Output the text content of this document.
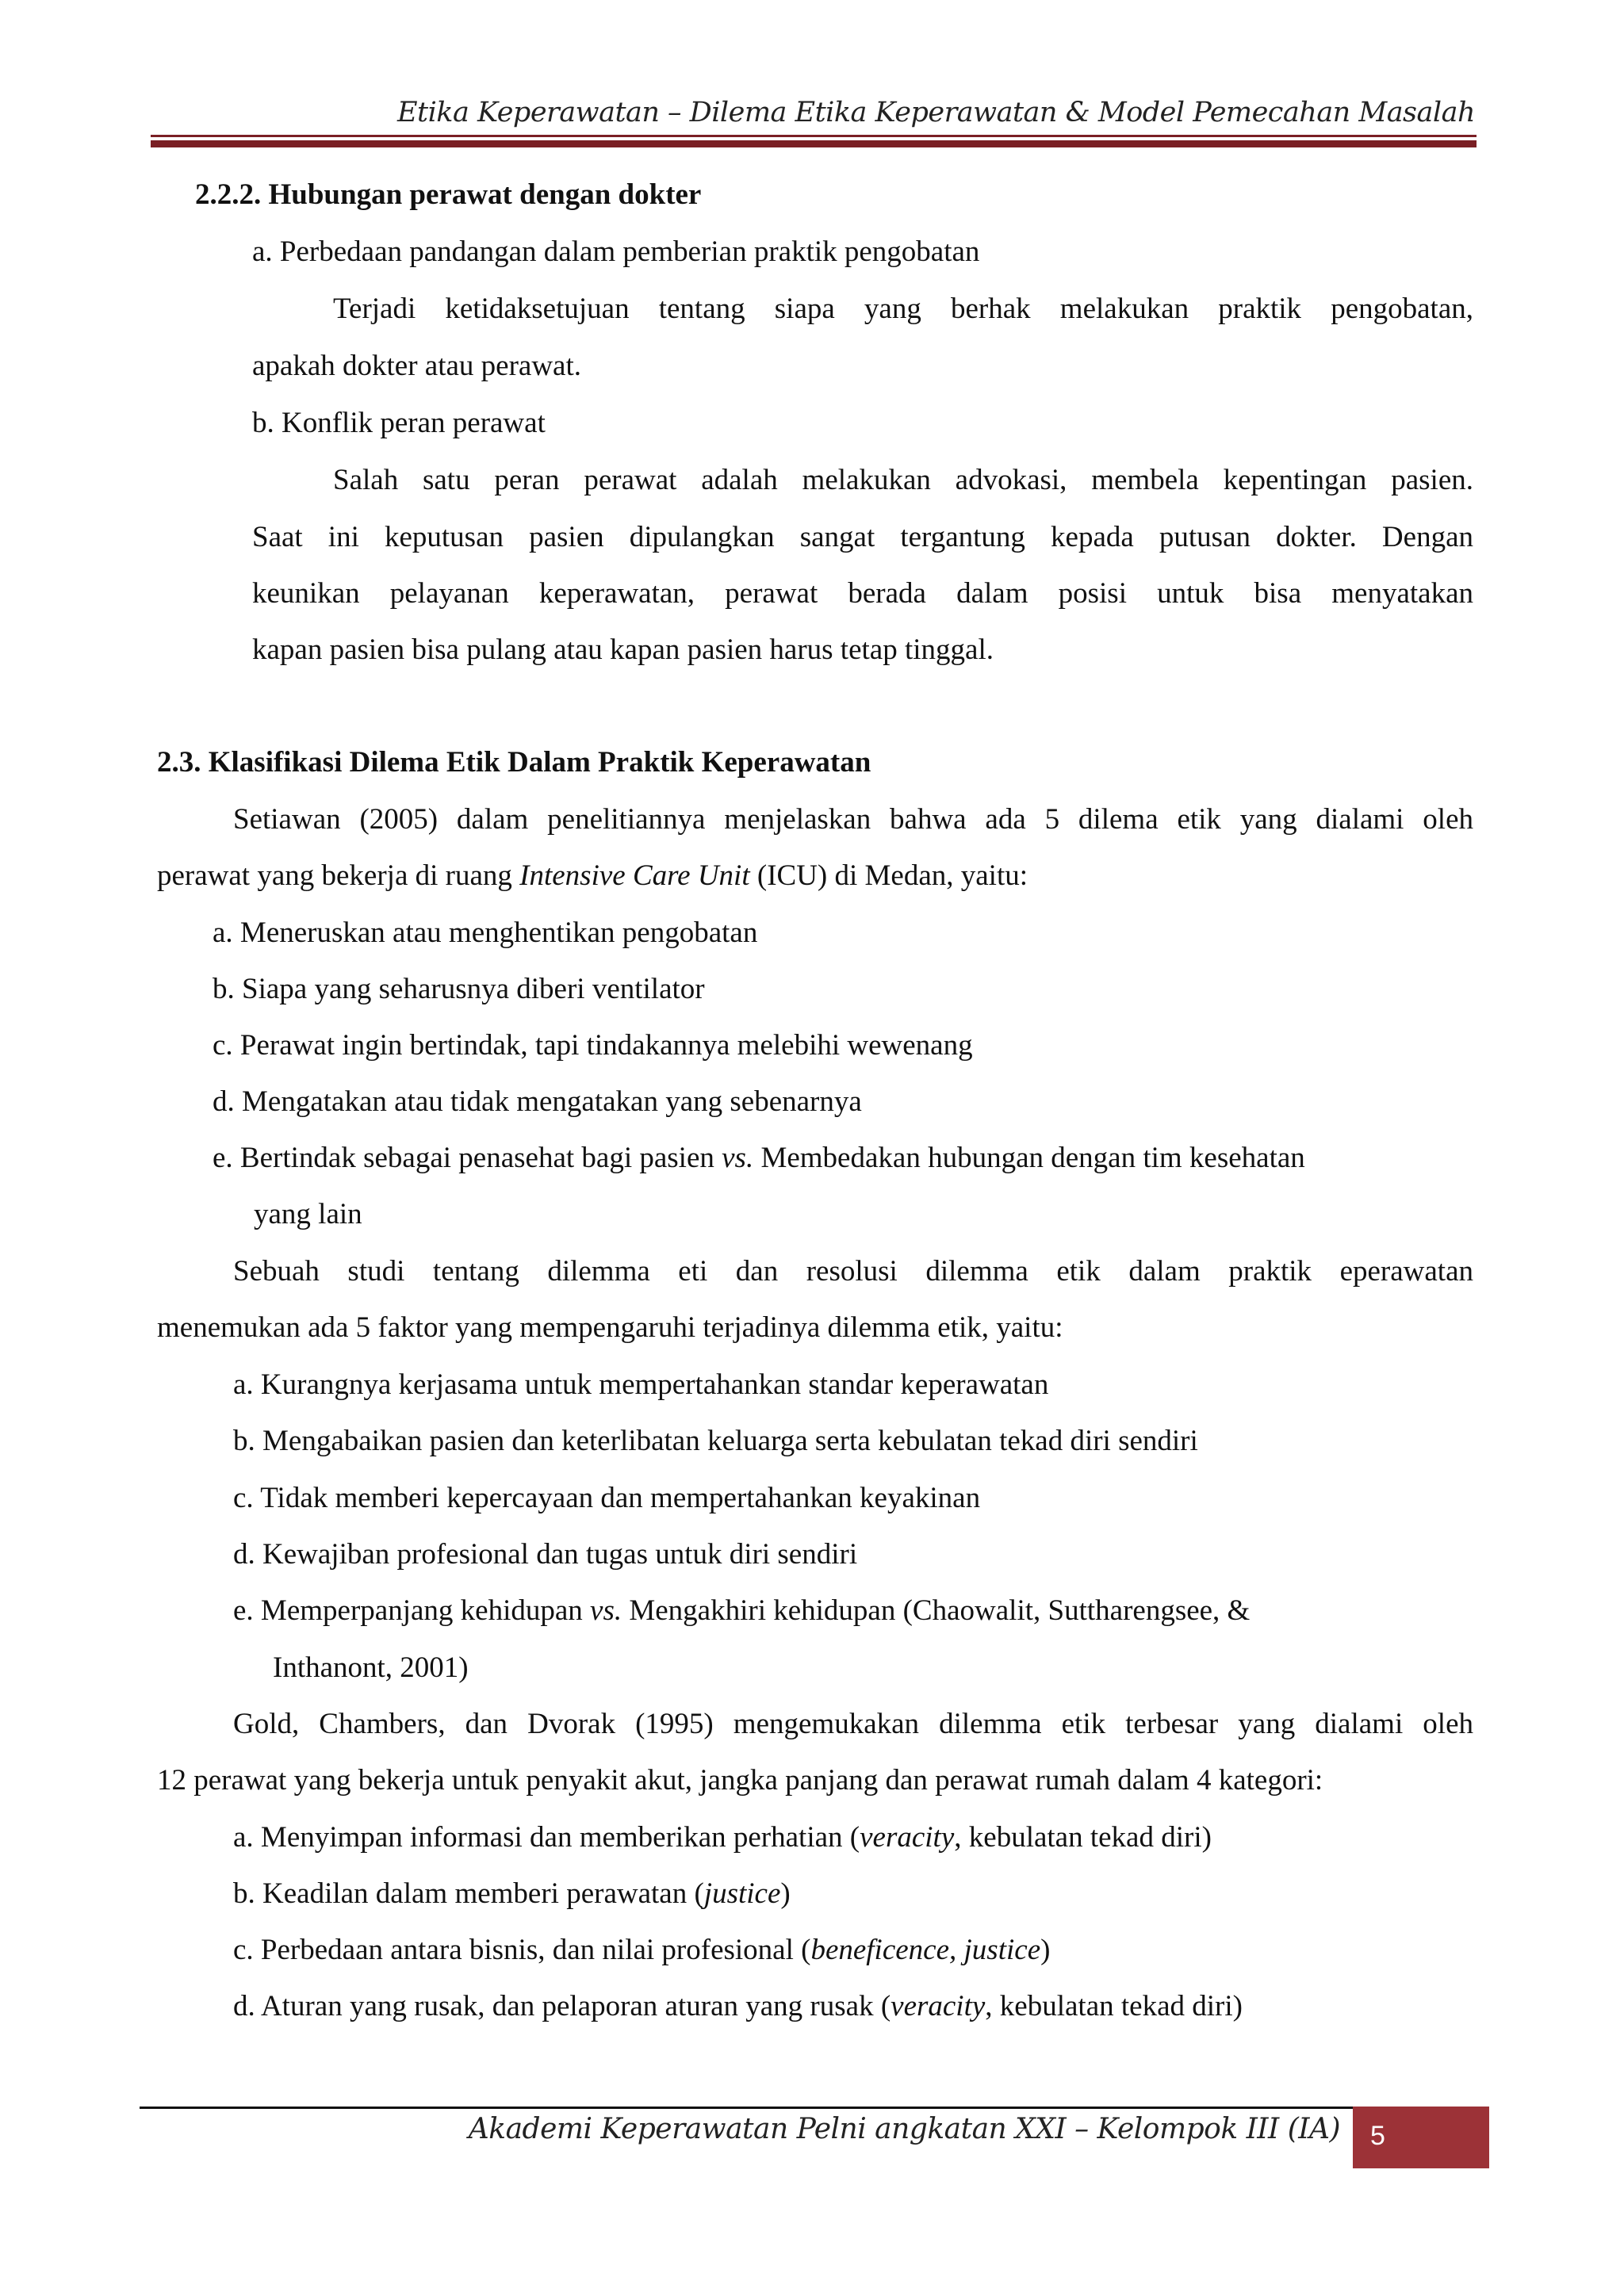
Etika Keperawatan – Dilema Etika Keperawatan & Model Pemecahan Masalah
2.2.2. Hubungan perawat dengan dokter
a. Perbedaan pandangan dalam pemberian praktik pengobatan
Terjadi ketidaksetujuan tentang siapa yang berhak melakukan praktik pengobatan,
apakah dokter atau perawat.
b. Konflik peran perawat
Salah satu peran perawat adalah melakukan advokasi, membela kepentingan pasien.
Saat ini keputusan pasien dipulangkan sangat tergantung kepada putusan dokter. Dengan
keunikan pelayanan keperawatan, perawat berada dalam posisi untuk bisa menyatakan
kapan pasien bisa pulang atau kapan pasien harus tetap tinggal.
2.3. Klasifikasi Dilema Etik Dalam Praktik Keperawatan
Setiawan (2005) dalam penelitiannya menjelaskan bahwa ada 5 dilema etik yang dialami oleh
perawat yang bekerja di ruang Intensive Care Unit (ICU) di Medan, yaitu:
a. Meneruskan atau menghentikan pengobatan
b. Siapa yang seharusnya diberi ventilator
c. Perawat ingin bertindak, tapi tindakannya melebihi wewenang
d. Mengatakan atau tidak mengatakan yang sebenarnya
e. Bertindak sebagai penasehat bagi pasien vs. Membedakan hubungan dengan tim kesehatan
yang lain
Sebuah studi tentang dilemma eti dan resolusi dilemma etik dalam praktik eperawatan
menemukan ada 5 faktor yang mempengaruhi terjadinya dilemma etik, yaitu:
a. Kurangnya kerjasama untuk mempertahankan standar keperawatan
b. Mengabaikan pasien dan keterlibatan keluarga serta kebulatan tekad diri sendiri
c. Tidak memberi kepercayaan dan mempertahankan keyakinan
d. Kewajiban profesional dan tugas untuk diri sendiri
e. Memperpanjang kehidupan vs. Mengakhiri kehidupan (Chaowalit, Suttharengsee, &
Inthanont, 2001)
Gold, Chambers, dan Dvorak (1995) mengemukakan dilemma etik terbesar yang dialami oleh
12 perawat yang bekerja untuk penyakit akut, jangka panjang dan perawat rumah dalam 4 kategori:
a. Menyimpan informasi dan memberikan perhatian (veracity, kebulatan tekad diri)
b. Keadilan dalam memberi perawatan (justice)
c. Perbedaan antara bisnis, dan nilai profesional (beneficence, justice)
d. Aturan yang rusak, dan pelaporan aturan yang rusak (veracity, kebulatan tekad diri)
Akademi Keperawatan Pelni angkatan XXI – Kelompok III (IA) 5
